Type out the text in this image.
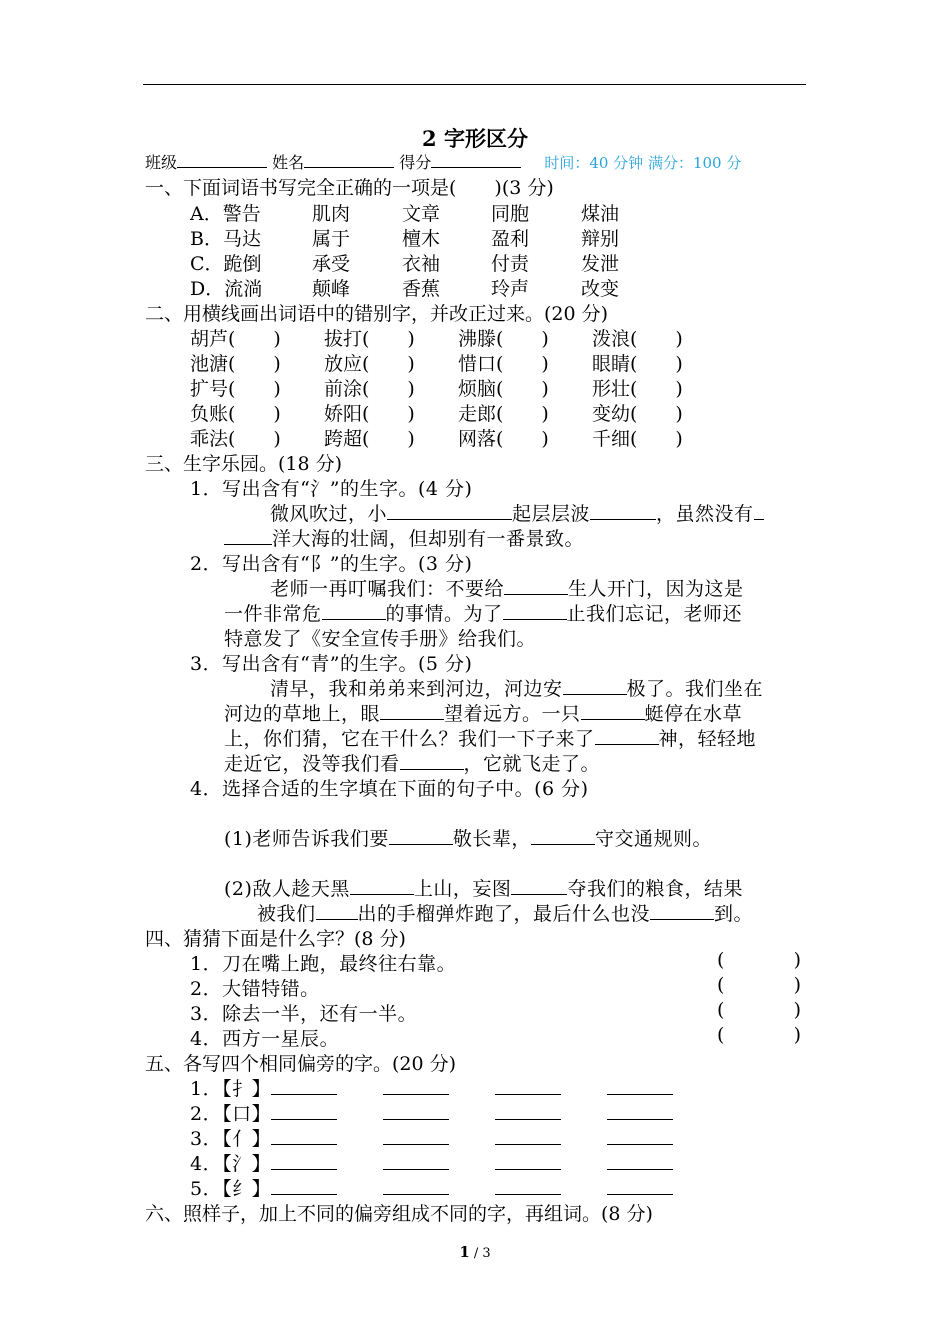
2 字形区分
班级	姓名	得分	时间：40 分钟 满分：100 分
一、下面词语书写完全正确的一项是(　　)(3 分)
A．警告	肌肉	文章	同胞	煤油
B．马达	属于	檀木	盈利	辩别
C．跪倒	承受	衣袖	付责	发泄
D．流淌	颠峰	香蕉	玲声	改变
二、用横线画出词语中的错别字，并改正过来。(20 分)
胡芦(　　) 拔打(　　) 沸滕(　　) 泼浪(　　)
池溏(　　) 放应(　　) 惜口(　　) 眼睛(　　)
扩号(　　) 前涂(　　) 烦脑(　　) 形壮(　　)
负账(　　) 娇阳(　　) 走郎(　　) 变幼(　　)
乖法(　　) 跨超(　　) 网落(　　) 千细(　　)
三、生字乐园。(18 分)
1．写出含有“氵”的生字。(4 分)
微风吹过，小	起层层波	，虽然没有
洋大海的壮阔，但却别有一番景致。
2．写出含有“阝”的生字。(3 分)
老师一再叮嘱我们：不要给	生人开门，因为这是
一件非常危	的事情。为了	止我们忘记，老师还
特意发了《安全宣传手册》给我们。
3．写出含有“青”的生字。(5 分)
清早，我和弟弟来到河边，河边安	极了。我们坐在
河边的草地上，眼	望着远方。一只	蜓停在水草
上，你们猜，它在干什么？我们一下子来了	神，轻轻地
走近它，没等我们看	，它就飞走了。
4．选择合适的生字填在下面的句子中。(6 分)
(1)老师告诉我们要	敬长辈，	守交通规则。
(2)敌人趁天黑	上山，妄图	夺我们的粮食，结果
被我们 出的手榴弹炸跑了，最后什么也没	到。
四、猜猜下面是什么字？(8 分)
1．刀在嘴上跑，最终往右靠。	(	)
2．大错特错。	(	)
3．除去一半，还有一半。	(	)
4．西方一星辰。	(	)
五、各写四个相同偏旁的字。(20 分)
1．【扌】
2．【口】
3．【亻】
4．【氵】
5．【纟】
六、照样子，加上不同的偏旁组成不同的字，再组词。(8 分)
1 / 3
